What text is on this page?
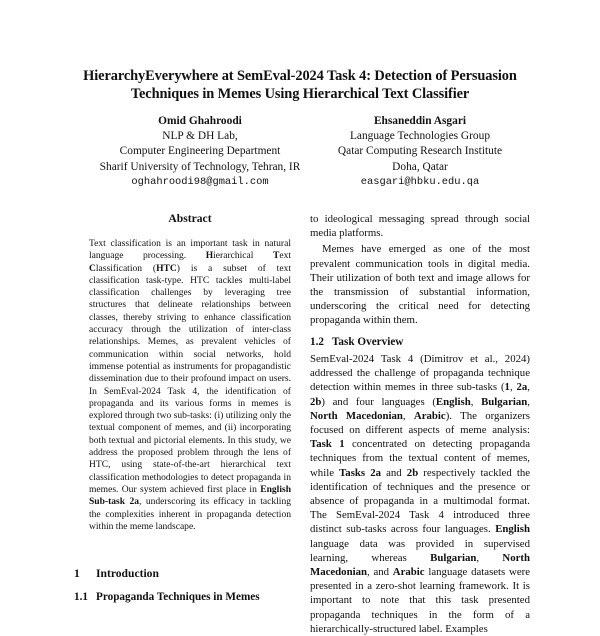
HierarchyEverywhere at SemEval-2024 Task 4: Detection of Persuasion
Techniques in Memes Using Hierarchical Text Classifier
Omid Ghahroodi
NLP & DH Lab,
Computer Engineering Department
Sharif University of Technology, Tehran, IR
oghahroodi98@gmail.com
Ehsaneddin Asgari
Language Technologies Group
Qatar Computing Research Institute
Doha, Qatar
easgari@hbku.edu.qa
Abstract

Text classification is an important task in natural language processing. Hierarchical Text Classification (HTC) is a subset of text classification task-type. HTC tackles multi-label classification challenges by leveraging tree structures that delineate relationships between classes, thereby striving to enhance classification accuracy through the utilization of inter-class relationships. Memes, as prevalent vehicles of communication within social networks, hold immense potential as instruments for propagandistic dissemination due to their profound impact on users. In SemEval-2024 Task 4, the identification of propaganda and its various forms in memes is explored through two sub-tasks: (i) utilizing only the textual component of memes, and (ii) incorporating both textual and pictorial elements. In this study, we address the proposed problem through the lens of HTC, using state-of-the-art hierarchical text classification methodologies to detect propaganda in memes. Our system achieved first place in English Sub-task 2a, underscoring its efficacy in tackling the complexities inherent in propaganda detection within the meme landscape.

1 Introduction
1.1 Propaganda Techniques in Memes

to ideological messaging spread through social media platforms.

Memes have emerged as one of the most prevalent communication tools in digital media. Their utilization of both text and image allows for the transmission of substantial information, underscoring the critical need for detecting propaganda within them.

1.2 Task Overview

SemEval-2024 Task 4 (Dimitrov et al., 2024) addressed the challenge of propaganda technique detection within memes in three sub-tasks (1, 2a, 2b) and four languages (English, Bulgarian, North Macedonian, Arabic). The organizers focused on different aspects of meme analysis: Task 1 concentrated on detecting propaganda techniques from the textual content of memes, while Tasks 2a and 2b respectively tackled the identification of techniques and the presence or absence of propaganda in a multimodal format. The SemEval-2024 Task 4 introduced three distinct sub-tasks across four languages. English language data was provided in supervised learning, whereas Bulgarian, North Macedonian, and Arabic language datasets were presented in a zero-shot learning framework. It is important to note that this task presented propaganda techniques in the form of a hierarchically-structured label. Examples
